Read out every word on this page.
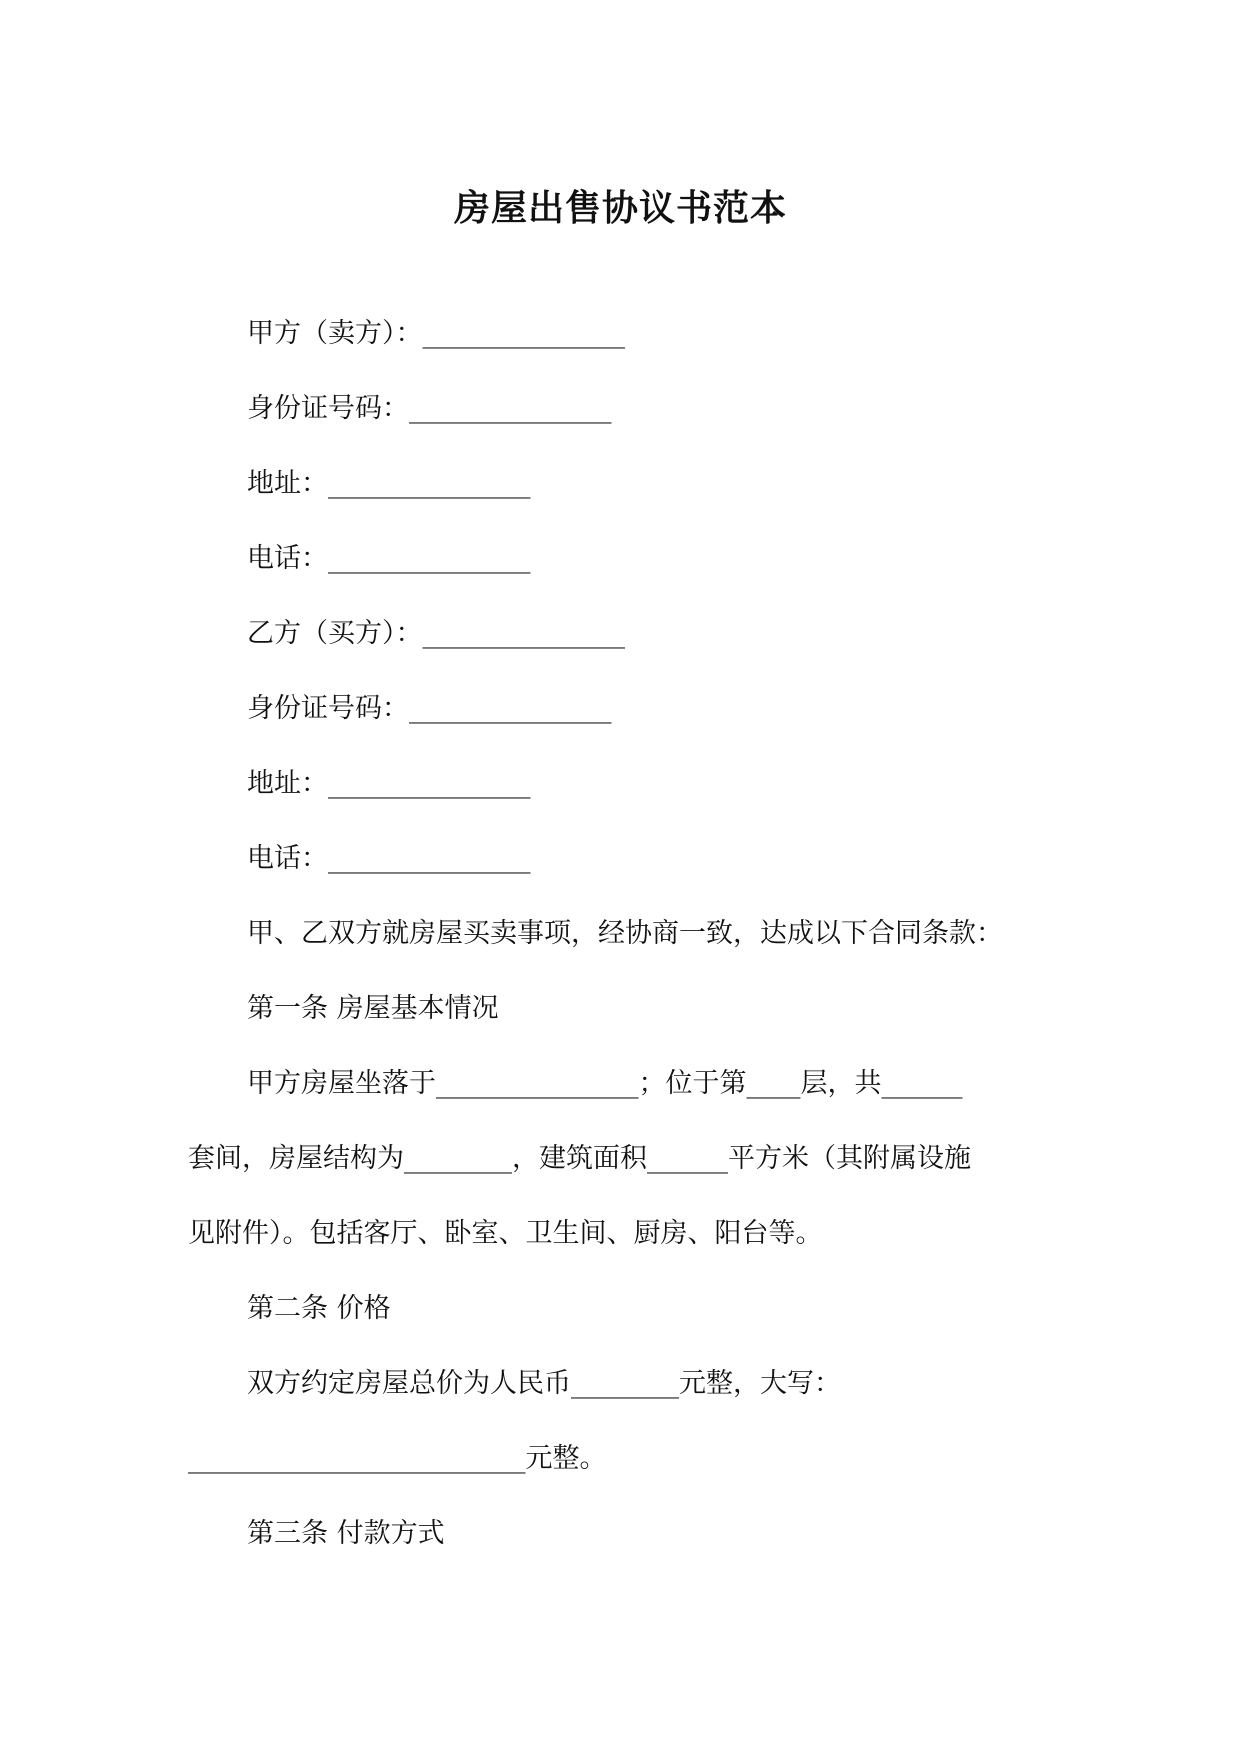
房屋出售协议书范本
甲方（卖方）：_______________
身份证号码：_______________
地址：_______________
电话：_______________
乙方（买方）：_______________
身份证号码：_______________
地址：_______________
电话：_______________
甲、乙双方就房屋买卖事项，经协商一致，达成以下合同条款：
第一条 房屋基本情况
甲方房屋坐落于_______________；位于第____层，共______
套间，房屋结构为________，建筑面积______平方米（其附属设施
见附件）。包括客厅、卧室、卫生间、厨房、阳台等。
第二条 价格
双方约定房屋总价为人民币________元整，大写：
_________________________元整。
第三条 付款方式
